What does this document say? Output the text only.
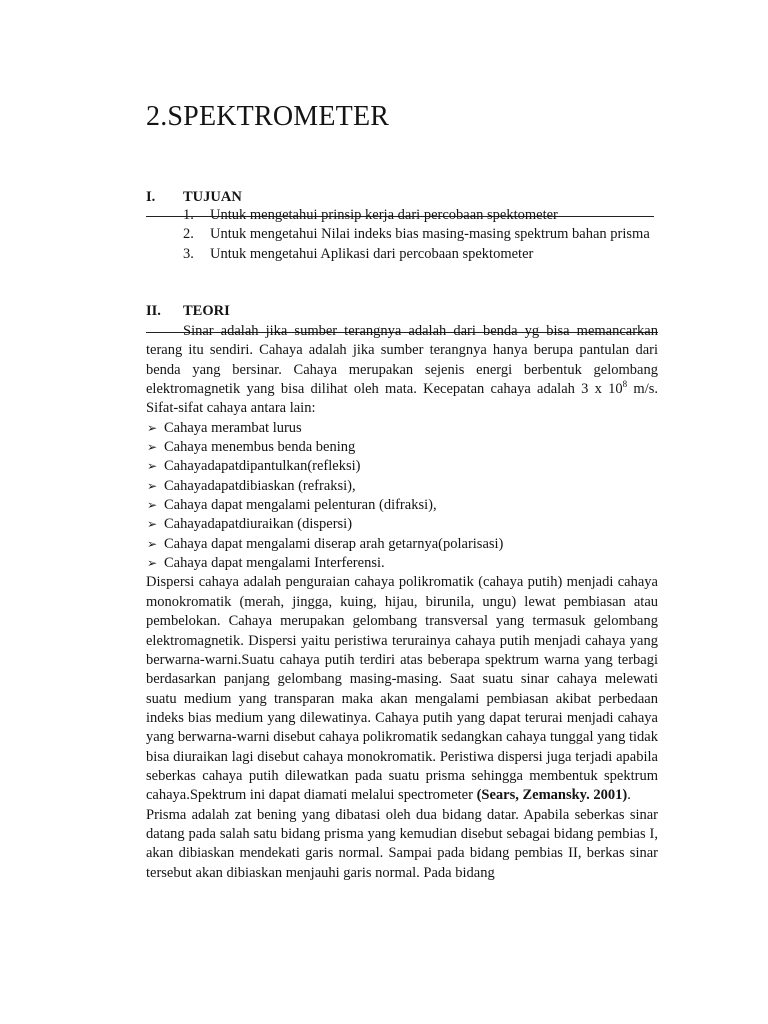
2.SPEKTROMETER
I. TUJUAN
1. Untuk mengetahui prinsip kerja dari percobaan spektometer
2. Untuk mengetahui Nilai indeks bias masing-masing spektrum bahan prisma
3. Untuk mengetahui Aplikasi dari percobaan spektometer
II. TEORI

Sinar adalah jika sumber terangnya adalah dari benda yg bisa memancarkan terang itu sendiri. Cahaya adalah jika sumber terangnya hanya berupa pantulan dari benda yang bersinar. Cahaya merupakan sejenis energi berbentuk gelombang elektromagnetik yang bisa dilihat oleh mata. Kecepatan cahaya adalah 3 x $10^8$ m/s. Sifat-sifat cahaya antara lain:

➢ Cahaya merambat lurus
➢ Cahaya menembus benda bening
➢ Cahayadapatdipantulkan(refleksi)
➢ Cahayadapatdibiaskan (refraksi),
➢ Cahaya dapat mengalami pelenturan (difraksi),
➢ Cahayadapatdiuraikan (dispersi)
➢ Cahaya dapat mengalami diserap arah getarnya(polarisasi)
➢ Cahaya dapat mengalami Interferensi.

Dispersi cahaya adalah penguraian cahaya polikromatik (cahaya putih) menjadi cahaya monokromatik (merah, jingga, kuing, hijau, birunila, ungu) lewat pembiasan atau pembelokan. Cahaya merupakan gelombang transversal yang termasuk gelombang elektromagnetik. Dispersi yaitu peristiwa terurainya cahaya putih menjadi cahaya yang berwarna-warni.Suatu cahaya putih terdiri atas beberapa spektrum warna yang terbagi berdasarkan panjang gelombang masing-masing. Saat suatu sinar cahaya melewati suatu medium yang transparan maka akan mengalami pembiasan akibat perbedaan indeks bias medium yang dilewatinya. Cahaya putih yang dapat terurai menjadi cahaya yang berwarna-warni disebut cahaya polikromatik sedangkan cahaya tunggal yang tidak bisa diuraikan lagi disebut cahaya monokromatik. Peristiwa dispersi juga terjadi apabila seberkas cahaya putih dilewatkan pada suatu prisma sehingga membentuk spektrum cahaya.Spektrum ini dapat diamati melalui spectrometer (Sears, Zemansky. 2001).

Prisma adalah zat bening yang dibatasi oleh dua bidang datar. Apabila seberkas sinar datang pada salah satu bidang prisma yang kemudian disebut sebagai bidang pembias I, akan dibiaskan mendekati garis normal. Sampai pada bidang pembias II, berkas sinar tersebut akan dibiaskan menjauhi garis normal. Pada bidang
